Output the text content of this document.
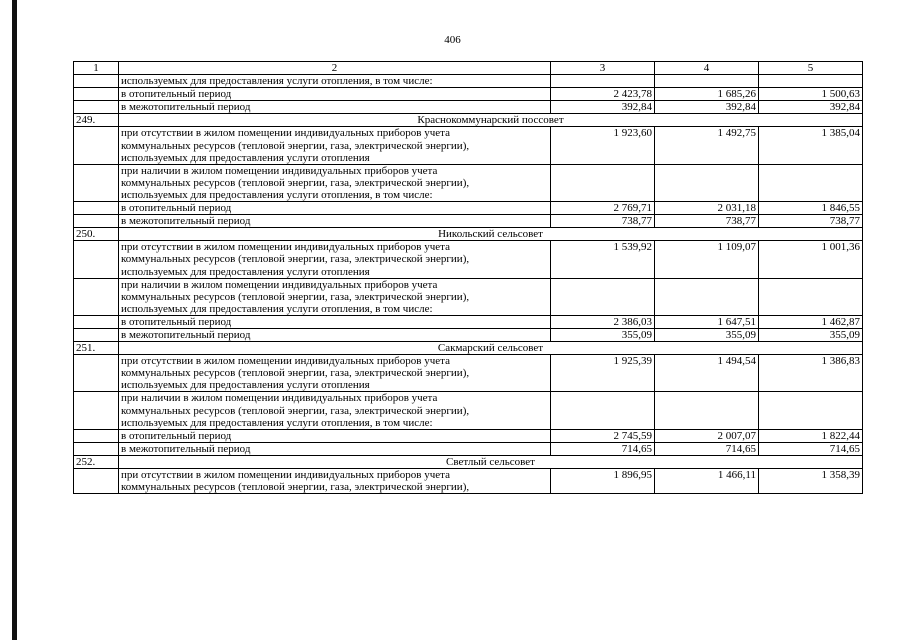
406
1	2	3	4	5
	используемых для предоставления услуги отопления, в том числе:			
	в отопительный период	2 423,78	1 685,26	1 500,63
	в межотопительный период	392,84	392,84	392,84
249.	Краснокоммунарский поссовет			

	при отсутствии в жилом помещении индивидуальных приборов учета
коммунальных ресурсов (тепловой энергии, газа, электрической энергии),
используемых для предоставления услуги отопления	1 923,60	1 492,75	1 385,04

	при наличии в жилом помещении индивидуальных приборов учета
коммунальных ресурсов (тепловой энергии, газа, электрической энергии),
используемых для предоставления услуги отопления, в том числе:			

	в отопительный период	2 769,71	2 031,18	1 846,55
	в межотопительный период	738,77	738,77	738,77
250.	Никольский сельсовет			

	при отсутствии в жилом помещении индивидуальных приборов учета
коммунальных ресурсов (тепловой энергии, газа, электрической энергии),
используемых для предоставления услуги отопления	1 539,92	1 109,07	1 001,36

	при наличии в жилом помещении индивидуальных приборов учета
коммунальных ресурсов (тепловой энергии, газа, электрической энергии),
используемых для предоставления услуги отопления, в том числе:			

	в отопительный период	2 386,03	1 647,51	1 462,87
	в межотопительный период	355,09	355,09	355,09
251.	Сакмарский сельсовет			

	при отсутствии в жилом помещении индивидуальных приборов учета
коммунальных ресурсов (тепловой энергии, газа, электрической энергии),
используемых для предоставления услуги отопления	1 925,39	1 494,54	1 386,83

	при наличии в жилом помещении индивидуальных приборов учета
коммунальных ресурсов (тепловой энергии, газа, электрической энергии),
используемых для предоставления услуги отопления, в том числе:			

	в отопительный период	2 745,59	2 007,07	1 822,44
	в межотопительный период	714,65	714,65	714,65
252.	Светлый сельсовет			

	при отсутствии в жилом помещении индивидуальных приборов учета
коммунальных ресурсов (тепловой энергии, газа, электрической энергии),	1 896,95	1 466,11	1 358,39
